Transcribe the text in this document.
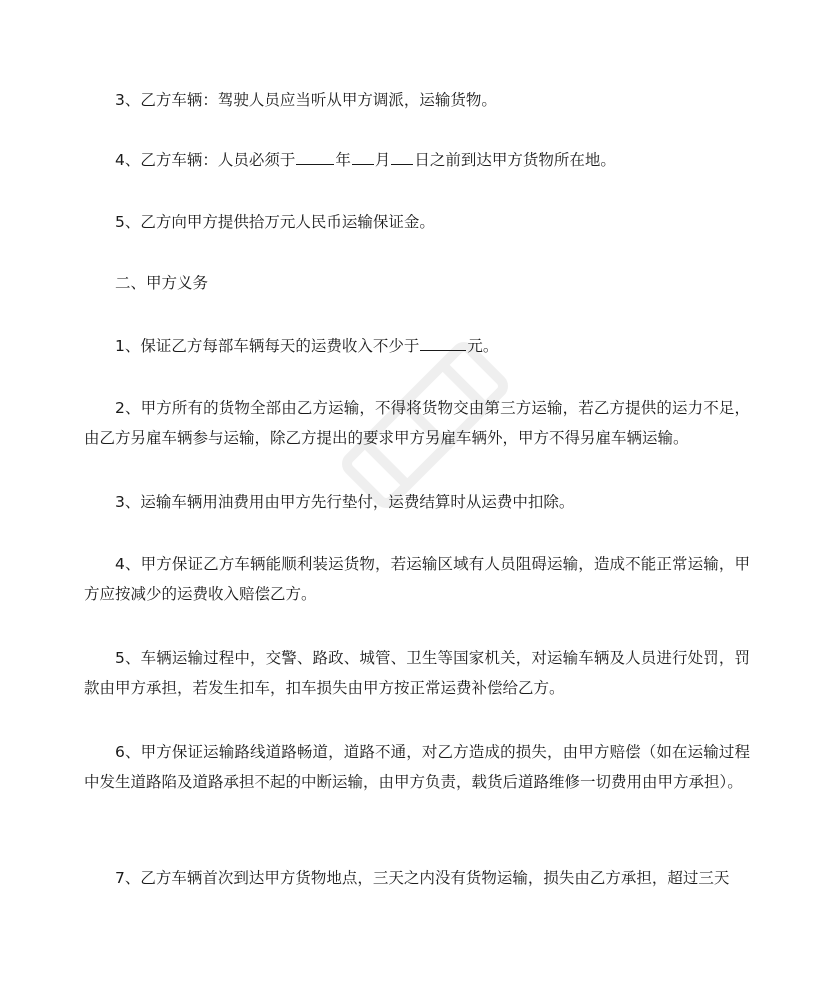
3、乙方车辆：驾驶人员应当听从甲方调派，运输货物。

4、乙方车辆：人员必须于	年 月 日之前到达甲方货物所在地。

5、乙方向甲方提供拾万元人民币运输保证金。

二、甲方义务

1、保证乙方每部车辆每天的运费收入不少于	元。

2、甲方所有的货物全部由乙方运输，不得将货物交由第三方运输，若乙方提供的运力不足，由乙方另雇车辆参与运输，除乙方提出的要求甲方另雇车辆外，甲方不得另雇车辆运输。

3、运输车辆用油费用由甲方先行垫付，运费结算时从运费中扣除。

4、甲方保证乙方车辆能顺利装运货物，若运输区域有人员阻碍运输，造成不能正常运输，甲方应按减少的运费收入赔偿乙方。

5、车辆运输过程中，交警、路政、城管、卫生等国家机关，对运输车辆及人员进行处罚，罚款由甲方承担，若发生扣车，扣车损失由甲方按正常运费补偿给乙方。

6、甲方保证运输路线道路畅道，道路不通，对乙方造成的损失，由甲方赔偿（如在运输过程中发生道路陷及道路承担不起的中断运输，由甲方负责，载货后道路维修一切费用由甲方承担）。

7、乙方车辆首次到达甲方货物地点，三天之内没有货物运输，损失由乙方承担，超过三天
